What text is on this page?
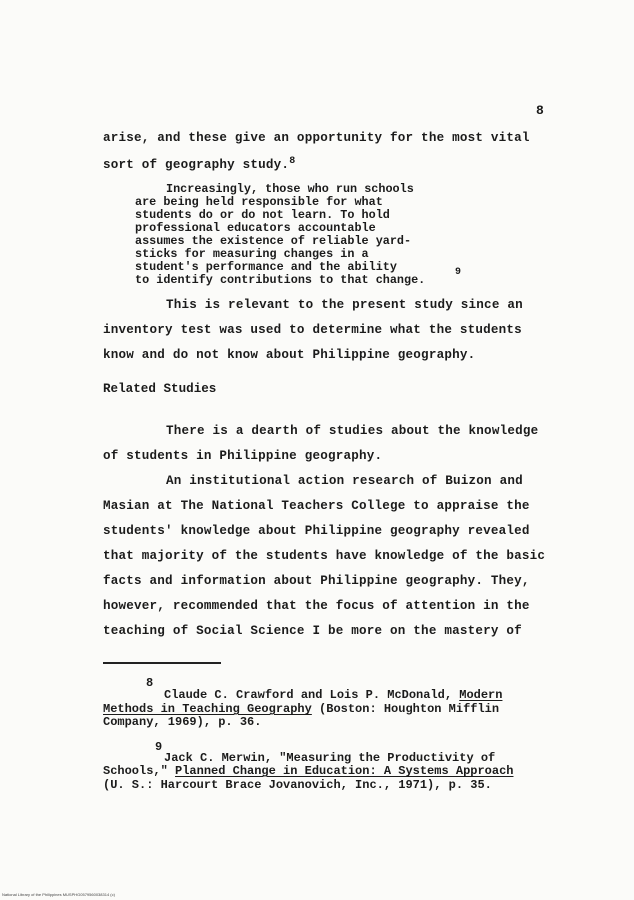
8
arise, and these give an opportunity for the most vital
sort of geography study.$^8$
Increasingly, those who run schools
are being held responsible for what
students do or do not learn. To hold
professional educators accountable
assumes the existence of reliable yard-
sticks for measuring changes in a
student's performance and the ability	$^9$
to identify contributions to that change.
This is relevant to the present study since an
inventory test was used to determine what the students
know and do not know about Philippine geography.
Related Studies
There is a dearth of studies about the knowledge
of students in Philippine geography.
An institutional action research of Buizon and
Masian at The National Teachers College to appraise the
students' knowledge about Philippine geography revealed
that majority of the students have knowledge of the basic
facts and information about Philippine geography. They,
however, recommended that the focus of attention in the
teaching of Social Science I be more on the mastery of
8
Claude C. Crawford and Lois P. McDonald, Modern
Methods in Teaching Geography (Boston: Houghton Mifflin
Company, 1969), p. 36.
9
Jack C. Merwin, "Measuring the Productivity of
Schools," Planned Change in Education: A Systems Approach
(U. S.: Harcourt Brace Jovanovich, Inc., 1971), p. 35.
National Library of the Philippines MUSPHG0579560038314 (c)
